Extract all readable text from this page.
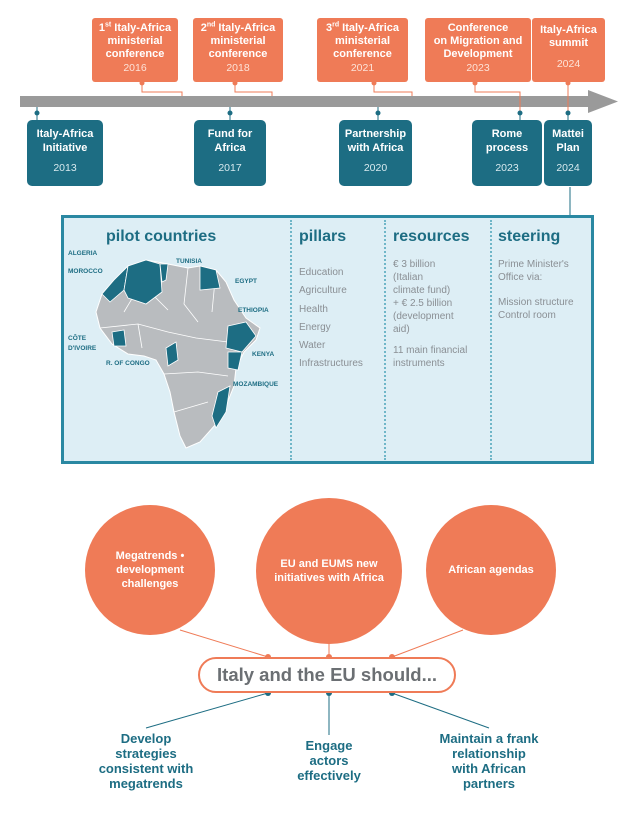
1st Italy-Africa
ministerial
conference
2016
2nd Italy-Africa
ministerial
conference
2018
3rd Italy-Africa
ministerial
conference
2021
Conference
on Migration and
Development
2023
Italy-Africa
summit
2024
Italy-Africa
Initiative
2013
Fund for
Africa
2017
Partnership
with Africa
2020
Rome
process
2023
Mattei
Plan
2024
pilot countries	pillars	resources steering
ALGERIA
MOROCCO
TUNISIA
EGYPT
ETHIOPIA
CÔTE
D'IVOIRE
KENYA
R. OF CONGO
MOZAMBIQUE
Education
Agriculture
Health
Energy
Water
Infrastructures
€ 3 billion
(Italian
climate fund)
+ € 2.5 billion
(development
aid)
11 main financial
instruments
Prime Minister's
Office via:
Mission structure
Control room
Megatrends •
development
challenges
EU and EUMS new
initiatives with Africa
African agendas
Italy and the EU should...
Develop
strategies
consistent with
megatrends
Engage
actors
effectively
Maintain a frank
relationship
with African
partners
